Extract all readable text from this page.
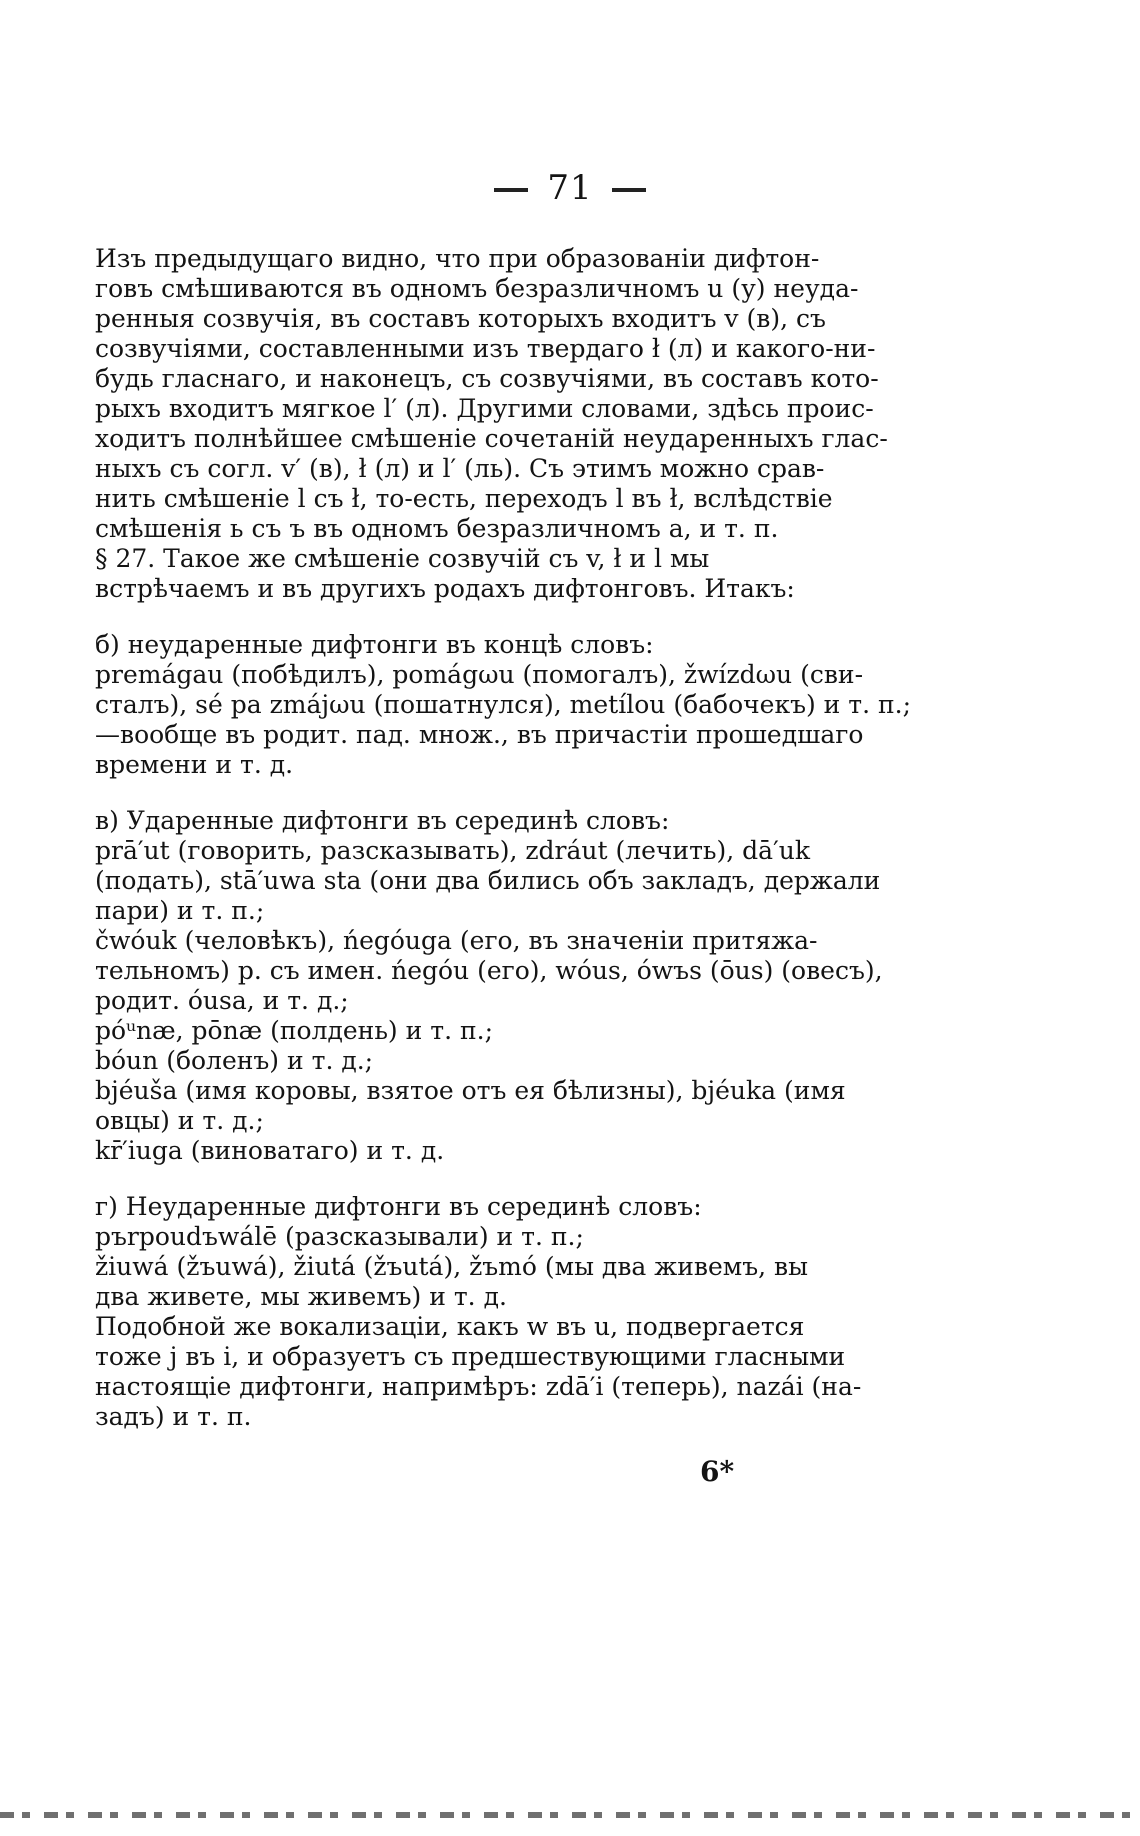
71
Изъ предыдущаго видно, что при образованіи дифтон-
говъ смѣшиваются въ одномъ безразличномъ u (у) неуда-
ренныя созвучія, въ составъ которыхъ входитъ v (в), съ
созвучіями, составленными изъ твердаго ł (л) и какого-ни-
будь гласнаго, и наконецъ, съ созвучіями, въ составъ кото-
рыхъ входитъ мягкое l′ (л). Другими словами, здѣсь проис-
ходитъ полнѣйшее смѣшеніе сочетаній неударенныхъ глас-
ныхъ съ согл. v′ (в), ł (л) и l′ (ль). Съ этимъ можно срав-
нить смѣшеніе l съ ł, то-есть, переходъ l въ ł, вслѣдствіе
смѣшенія ь съ ъ въ одномъ безразличномъ a, и т. п.
§ 27. Такое же смѣшеніе созвучій съ v, ł и l мы
встрѣчаемъ и въ другихъ родахъ дифтонговъ. Итакъ:
б) неударенные дифтонги въ концѣ словъ:
premágau (побѣдилъ), pomágωu (помогалъ), žwízdωu (сви-
сталъ), sé pa zmájωu (пошатнулся), metílou (бабочекъ) и т. п.;
—вообще въ родит. пад. множ., въ причастіи прошедшаго
времени и т. д.
в) Ударенные дифтонги въ серединѣ словъ:
prā′ut (говорить, разсказывать), zdráut (лечить), dā′uk
(подать), stā′uwa sta (они два бились объ закладъ, держали
пари) и т. п.;
čwóuk (человѣкъ), ńegóuga (его, въ значеніи притяжа-
тельномъ) р. съ имен. ńegóu (его), wóus, ówъs (ōus) (овесъ),
родит. óusa, и т. д.;
póᵘnæ, pōnæ (полдень) и т. п.;
bóun (боленъ) и т. д.;
bjéuša (имя коровы, взятое отъ ея бѣлизны), bjéuka (имя
овцы) и т. д.;
kr̄′iuga (виноватаго) и т. д.
г) Неударенные дифтонги въ серединѣ словъ:
pъrpoudъwálē (разсказывали) и т. п.;
žiuwá (žъuwá), žiutá (žъutá), žъmó (мы два живемъ, вы
два живете, мы живемъ) и т. д.
Подобной же вокализаціи, какъ w въ u, подвергается
тоже j въ i, и образуетъ съ предшествующими гласными
настоящіе дифтонги, напримѣръ: zdā′i (теперь), nazái (на-
задъ) и т. п.
6*
